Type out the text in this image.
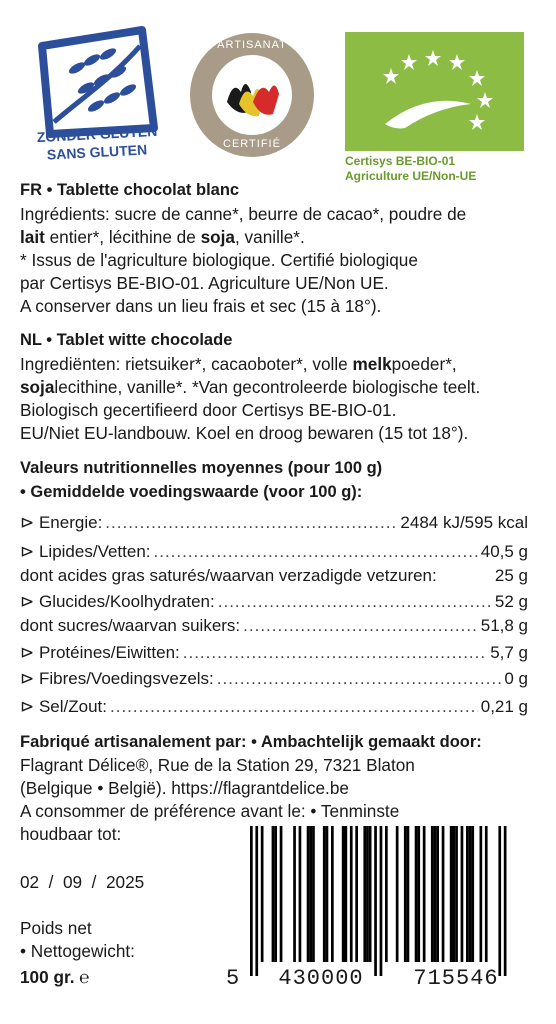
ZONDER GLUTEN
SANS GLUTEN
ARTISANAT
CERTIFIÉ
Certisys BE-BIO-01
Agriculture UE/Non-UE
FR • Tablette chocolat blanc
Ingrédients: sucre de canne*, beurre de cacao*, poudre de
lait entier*, lécithine de soja, vanille*.
* Issus de l'agriculture biologique. Certifié biologique
par Certisys BE-BIO-01. Agriculture UE/Non UE.
A conserver dans un lieu frais et sec (15 à 18°).
NL • Tablet witte chocolade
Ingrediënten: rietsuiker*, cacaoboter*, volle melkpoeder*,
sojalecithine, vanille*. *Van gecontroleerde biologische teelt.
Biologisch gecertifieerd door Certisys BE-BIO-01.
EU/Niet EU-landbouw. Koel en droog bewaren (15 tot 18°).
Valeurs nutritionnelles moyennes (pour 100 g)
• Gemiddelde voedingswaarde (voor 100 g):
⊳ Energie: .....	2484 kJ/595 kcal
⊳ Lipides/Vetten: .....	40,5 g
dont acides gras saturés/waarvan verzadigde vetzuren:	25 g
⊳ Glucides/Koolhydraten: .....	52 g
dont sucres/waarvan suikers: .....	51,8 g
⊳ Protéines/Eiwitten: .....	5,7 g
⊳ Fibres/Voedingsvezels: .....	0 g
⊳ Sel/Zout: .....	0,21 g
Fabriqué artisanalement par: • Ambachtelijk gemaakt door:
Flagrant Délice®, Rue de la Station 29, 7321 Blaton
(Belgique • België). https://flagrantdelice.be
A consommer de préférence avant le: • Tenminste
houdbaar tot:
02  /  09  /  2025
Poids net
• Nettogewicht:
100 gr. ℮	5	430000	715546
